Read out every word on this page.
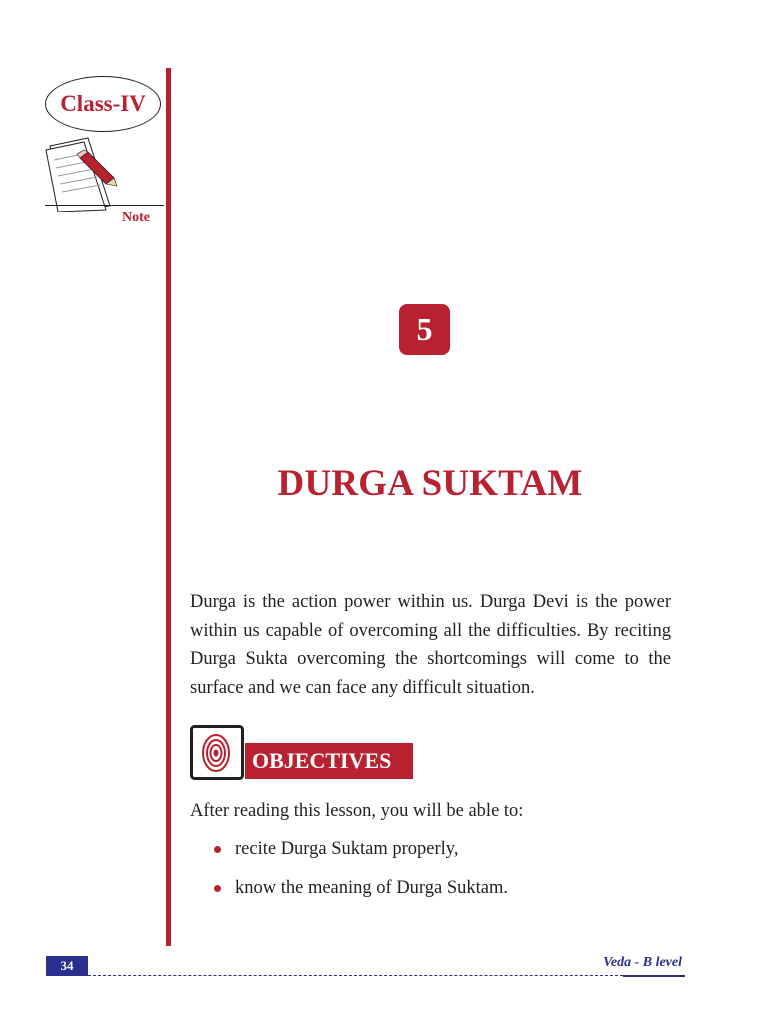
Class-IV
Note
5
DURGA SUKTAM
Durga is the action power within us. Durga Devi is the power within us capable of overcoming all the difficulties. By reciting Durga Sukta overcoming the shortcomings will come to the surface and we can face any difficult situation.
OBJECTIVES
After reading this lesson, you will be able to:
recite Durga Suktam properly,
know the meaning of Durga Suktam.
34	Veda - B level
